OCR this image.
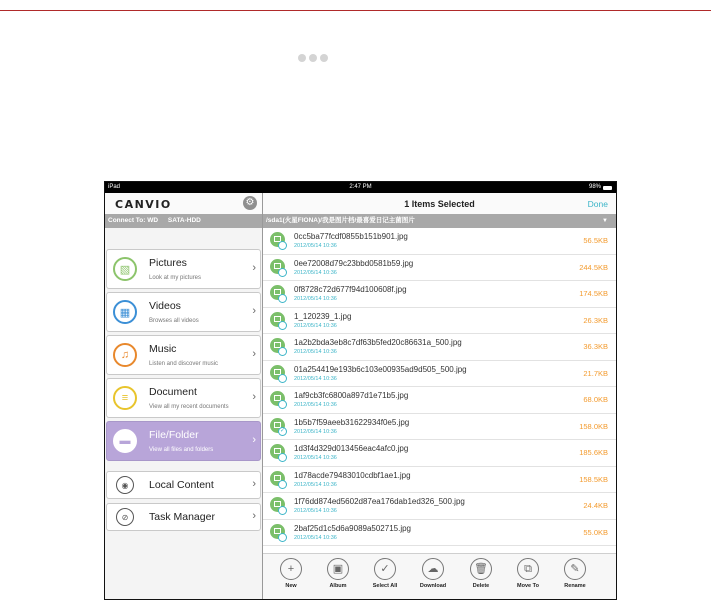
iPad	2:47 PM	98%
CANVIO	⚙
Connect To: WD SATA-HDD
▧
Pictures
Look at my pictures
›
▦
Videos
Browses all videos
›
♫	Music
Listen and discover music
›
≡	Document
View all my recent documents
›
▬	File/Folder
View all files and folders
›
◉	Local Content	›
⊘	Task Manager	›
1 Items Selected	Done
/sda1(火星FIONA)/我是图片档/最喜爱日记主菌图片	▼
0cc5ba77fcdf0855b151b901.jpg
2012/05/14 10:36
56.5KB
0ee72008d79c23bbd0581b59.jpg
2012/05/14 10:36
244.5KB
0f8728c72d677f94d100608f.jpg
2012/05/14 10:36
174.5KB
1_120239_1.jpg
2012/05/14 10:36
26.3KB
1a2b2bda3eb8c7df63b5fed20c86631a_500.jpg
2012/05/14 10:36
36.3KB
01a254419e193b6c103e00935ad9d505_500.jpg
2012/05/14 10:36
21.7KB
1af9cb3fc6800a897d1e71b5.jpg
2012/05/14 10:36
68.0KB
✓
1b5b7f59aeeb31622934f0e5.jpg
2012/05/14 10:36
158.0KB
1d3f4d329d013456eac4afc0.jpg
2012/05/14 10:36
185.6KB
1d78acde79483010cdbf1ae1.jpg
2012/05/14 10:36
158.5KB
1f76dd874ed5602d87ea176dab1ed326_500.jpg
2012/05/14 10:36
24.4KB
2baf25d1c5d6a9089a502715.jpg
2012/05/14 10:36
55.0KB
+
New
▣
Album
✓
Select All
☁
Download
🗑
Delete
⧉
Move To
✎
Rename
